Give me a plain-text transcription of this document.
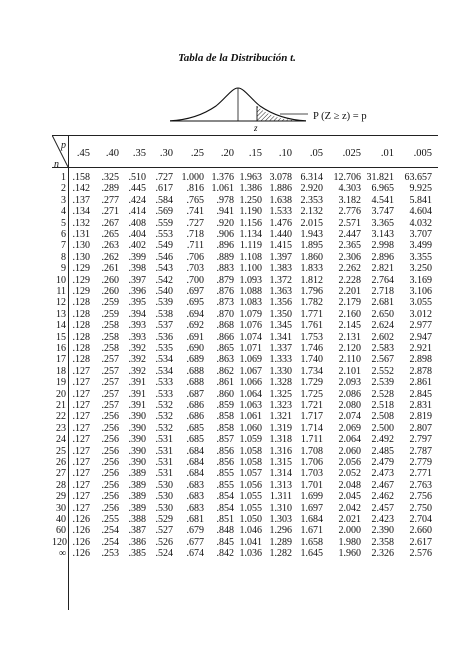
Tabla de la Distribución t.
z
P (Z ≥ z) = p
p
n
.45	.40	.35	.30	.25	.20	.15	.10	.05	.025	.01	.005
1 .158	.325 .510 .727 1.000 1.376 1.963 3.078 6.314	12.706 31.821	63.657
2 .142	.289 .445 .617	.816 1.061 1.386 1.886 2.920	4.303	6.965	9.925
3 .137	.277 .424 .584	.765	.978 1.250 1.638 2.353	3.182	4.541	5.841
4 .134	.271 .414 .569	.741	.941 1.190 1.533 2.132	2.776	3.747	4.604
5 .132	.267 .408 .559	.727	.920 1.156 1.476 2.015	2.571	3.365	4.032
6 .131	.265 .404 .553	.718	.906 1.134 1.440 1.943	2.447	3.143	3.707
7 .130	.263 .402 .549	.711	.896 1.119 1.415 1.895	2.365	2.998	3.499
8 .130	.262 .399 .546	.706	.889 1.108 1.397 1.860	2.306	2.896	3.355
9 .129	.261 .398 .543	.703	.883 1.100 1.383 1.833	2.262	2.821	3.250
10 .129	.260 .397 .542	.700	.879 1.093 1.372 1.812	2.228	2.764	3.169
11 .129	.260 .396 .540	.697	.876 1.088 1.363 1.796	2.201	2.718	3.106
12 .128	.259 .395 .539	.695	.873 1.083 1.356 1.782	2.179	2.681	3.055
13 .128	.259 .394 .538	.694	.870 1.079 1.350 1.771	2.160	2.650	3.012
14 .128	.258 .393 .537	.692	.868 1.076 1.345 1.761	2.145	2.624	2.977
15 .128	.258 .393 .536	.691	.866 1.074 1.341 1.753	2.131	2.602	2.947
16 .128	.258 .392 .535	.690	.865 1.071 1.337 1.746	2.120	2.583	2.921
17 .128	.257 .392 .534	.689	.863 1.069 1.333 1.740	2.110	2.567	2.898
18 .127	.257 .392 .534	.688	.862 1.067 1.330 1.734	2.101	2.552	2.878
19 .127	.257 .391 .533	.688	.861 1.066 1.328 1.729	2.093	2.539	2.861
20 .127	.257 .391 .533	.687	.860 1.064 1.325 1.725	2.086	2.528	2.845
21 .127	.257 .391 .532	.686	.859 1.063 1.323 1.721	2.080	2.518	2.831
22 .127	.256 .390 .532	.686	.858 1.061 1.321 1.717	2.074	2.508	2.819
23 .127	.256 .390 .532	.685	.858 1.060 1.319 1.714	2.069	2.500	2.807
24 .127	.256 .390 .531	.685	.857 1.059 1.318 1.711	2.064	2.492	2.797
25 .127	.256 .390 .531	.684	.856 1.058 1.316 1.708	2.060	2.485	2.787
26 .127	.256 .390 .531	.684	.856 1.058 1.315 1.706	2.056	2.479	2.779
27 .127	.256 .389 .531	.684	.855 1.057 1.314 1.703	2.052	2.473	2.771
28 .127	.256 .389 .530	.683	.855 1.056 1.313 1.701	2.048	2.467	2.763
29 .127	.256 .389 .530	.683	.854 1.055 1.311 1.699	2.045	2.462	2.756
30 .127	.256 .389 .530	.683	.854 1.055 1.310 1.697	2.042	2.457	2.750
40 .126	.255 .388 .529	.681	.851 1.050 1.303 1.684	2.021	2.423	2.704
60 .126	.254 .387 .527	.679	.848 1.046 1.296 1.671	2.000	2.390	2.660
120 .126	.254 .386 .526	.677	.845 1.041 1.289 1.658	1.980	2.358	2.617
∞ .126	.253 .385 .524	.674	.842 1.036 1.282 1.645	1.960	2.326	2.576
